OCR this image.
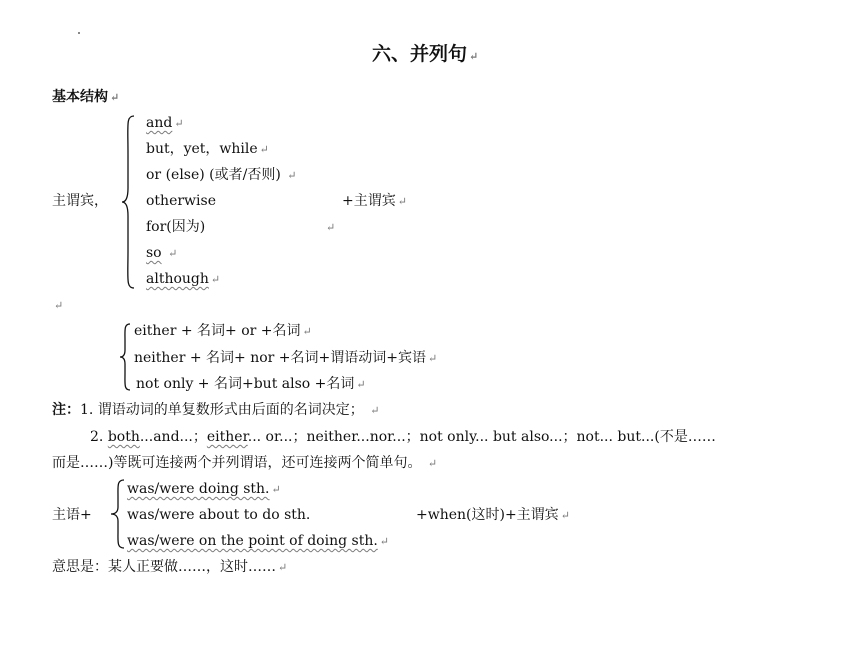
六、并列句 ↵
基本结构 ↵
主谓宾，
and ↵
but，yet，while ↵
or (else) (或者/否则) ↵
otherwise	+主谓宾 ↵
for(因为)	↵
so ↵
although ↵
↵
either + 名词+ or +名词 ↵
neither + 名词+ nor +名词+谓语动词+宾语 ↵
not only + 名词+but also +名词 ↵
注：1. 谓语动词的单复数形式由后面的名词决定； ↵
2. both...and...；either... or...；neither...nor...；not only... but also...；not... but...(不是……
而是……)等既可连接两个并列谓语，还可连接两个简单句。 ↵
主语+
was/were doing sth. ↵
was/were about to do sth.	+when(这时)+主谓宾 ↵
was/were on the point of doing sth. ↵
意思是：某人正要做……，这时…… ↵
